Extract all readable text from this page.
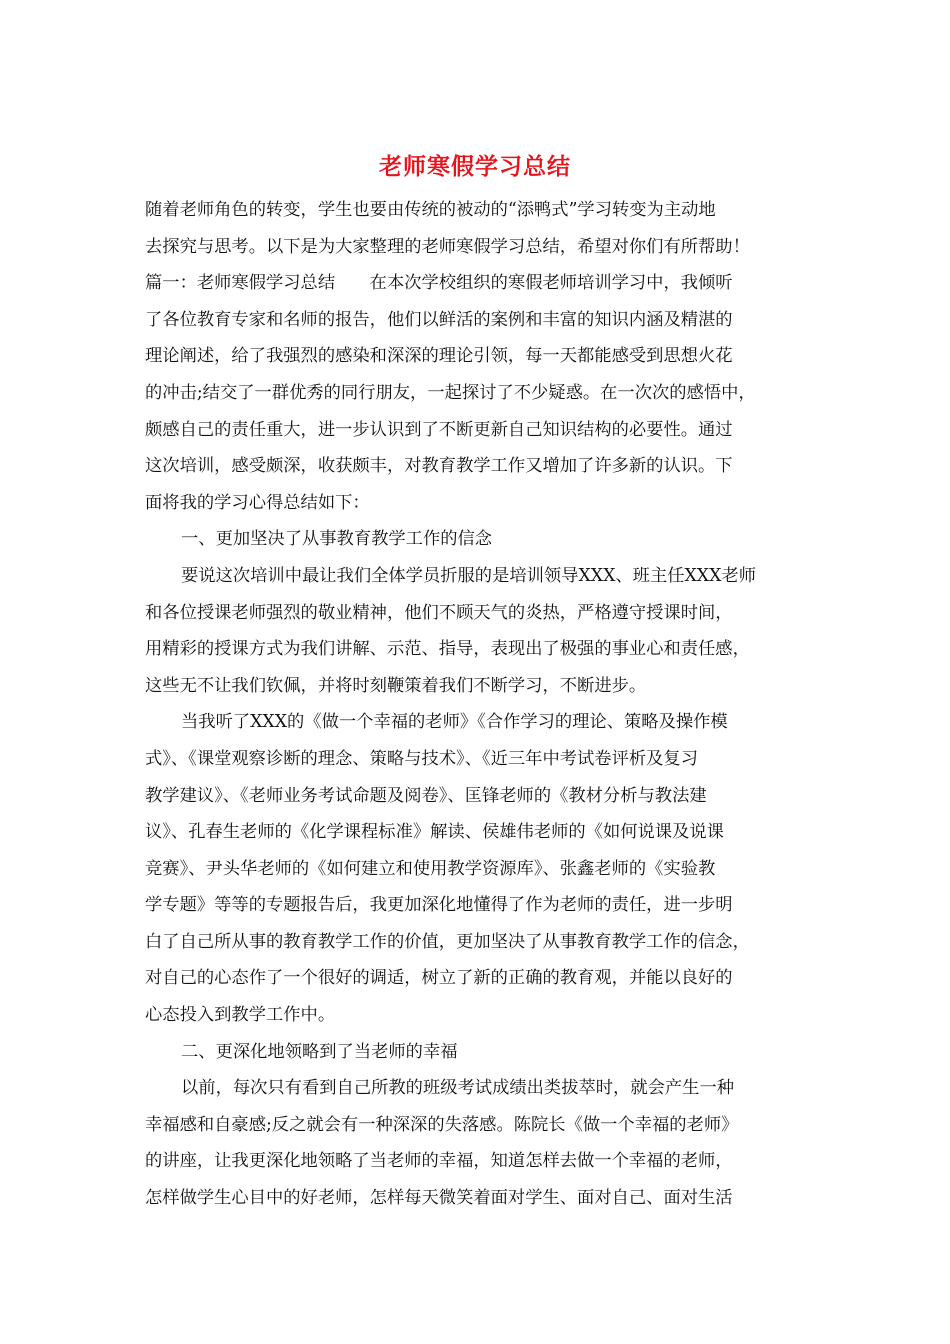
老师寒假学习总结
随着老师角色的转变，学生也要由传统的被动的“添鸭式”学习转变为主动地
去探究与思考。以下是为大家整理的老师寒假学习总结，希望对你们有所帮助！
篇一：老师寒假学习总结　　在本次学校组织的寒假老师培训学习中，我倾听
了各位教育专家和名师的报告，他们以鲜活的案例和丰富的知识内涵及精湛的
理论阐述，给了我强烈的感染和深深的理论引领，每一天都能感受到思想火花
的冲击;结交了一群优秀的同行朋友，一起探讨了不少疑惑。在一次次的感悟中，
颇感自己的责任重大，进一步认识到了不断更新自己知识结构的必要性。通过
这次培训，感受颇深，收获颇丰，对教育教学工作又增加了许多新的认识。下
面将我的学习心得总结如下：
一、更加坚决了从事教育教学工作的信念
要说这次培训中最让我们全体学员折服的是培训领导XXX、班主任XXX老师
和各位授课老师强烈的敬业精神，他们不顾天气的炎热，严格遵守授课时间，
用精彩的授课方式为我们讲解、示范、指导，表现出了极强的事业心和责任感，
这些无不让我们钦佩，并将时刻鞭策着我们不断学习，不断进步。
当我听了XXX的《做一个幸福的老师》《合作学习的理论、策略及操作模
式》、《课堂观察诊断的理念、策略与技术》、《近三年中考试卷评析及复习
教学建议》、《老师业务考试命题及阅卷》、匡锋老师的《教材分析与教法建
议》、孔春生老师的《化学课程标准》解读、侯雄伟老师的《如何说课及说课
竞赛》、尹头华老师的《如何建立和使用教学资源库》、张鑫老师的《实验教
学专题》等等的专题报告后，我更加深化地懂得了作为老师的责任，进一步明
白了自己所从事的教育教学工作的价值，更加坚决了从事教育教学工作的信念，
对自己的心态作了一个很好的调适，树立了新的正确的教育观，并能以良好的
心态投入到教学工作中。
二、更深化地领略到了当老师的幸福
以前，每次只有看到自己所教的班级考试成绩出类拔萃时，就会产生一种
幸福感和自豪感;反之就会有一种深深的失落感。陈院长《做一个幸福的老师》
的讲座，让我更深化地领略了当老师的幸福，知道怎样去做一个幸福的老师，
怎样做学生心目中的好老师，怎样每天微笑着面对学生、面对自己、面对生活
